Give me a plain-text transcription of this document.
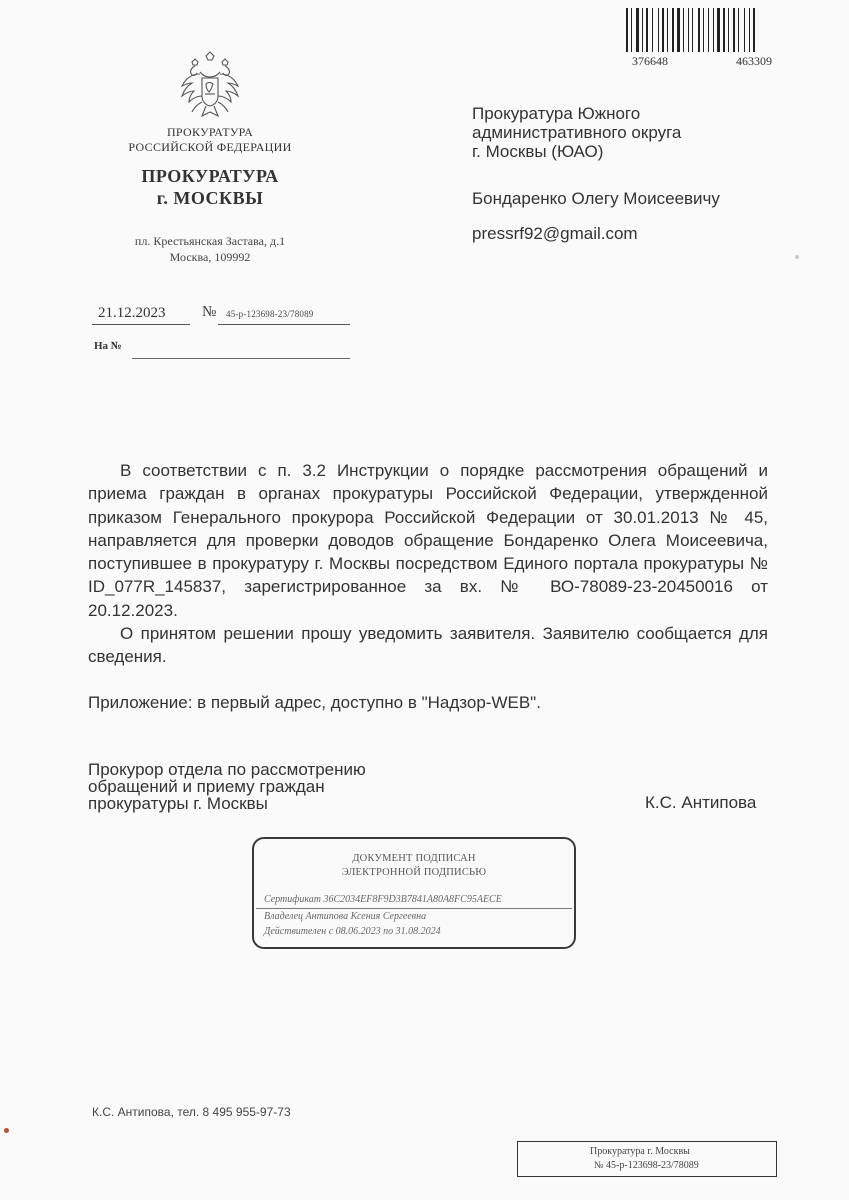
376648	463309
ПРОКУРАТУРА
РОССИЙСКОЙ ФЕДЕРАЦИИ
ПРОКУРАТУРА
г. МОСКВЫ
пл. Крестьянская Застава, д.1
Москва, 109992
21.12.2023	№ 45-р-123698-23/78089
На №
Прокуратура Южного
административного округа
г. Москвы (ЮАО)
Бондаренко Олегу Моисеевичу
pressrf92@gmail.com

В соответствии с п. 3.2 Инструкции о порядке рассмотрения обращений и приема граждан в органах прокуратуры Российской Федерации, утвержденной приказом Генерального прокурора Российской Федерации от 30.01.2013 № 45, направляется для проверки доводов обращение Бондаренко Олега Моисеевича, поступившее в прокуратуру г. Москвы посредством Единого портала прокуратуры № ID_077R_145837, зарегистрированное за вх. № ВО-78089-23-20450016 от 20.12.2023.

О принятом решении прошу уведомить заявителя. Заявителю сообщается для сведения.

Приложение: в первый адрес, доступно в "Надзор-WEB".
Прокурор отдела по рассмотрению
обращений и приему граждан
прокуратуры г. Москвы	К.С. Антипова
ДОКУМЕНТ ПОДПИСАН
ЭЛЕКТРОННОЙ ПОДПИСЬЮ
Сертификат 36C2034EF8F9D3B7841A80A8FC95AECE
Владелец Антипова Ксения Сергеевна
Действителен с 08.06.2023 по 31.08.2024
К.С. Антипова, тел. 8 495 955-97-73
Прокуратура г. Москвы
№ 45-р-123698-23/78089
